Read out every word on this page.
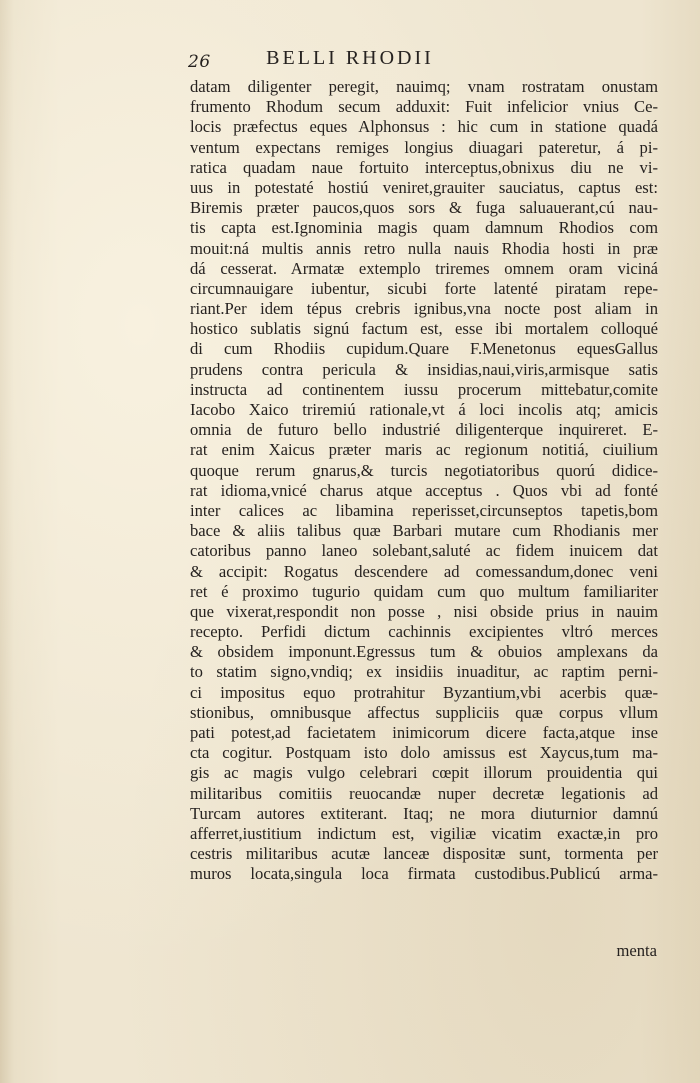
26	BELLI RHODII
datam diligenter peregit, nauimq; vnam rostratam onustam
frumento Rhodum secum adduxit: Fuit infelicior vnius Ce-
locis præfectus eques Alphonsus : hic cum in statione quadá
ventum expectans remiges longius diuagari pateretur, á pi-
ratica quadam naue fortuito interceptus,obnixus diu ne vi-
uus in potestaté hostiú veniret,grauiter sauciatus, captus est:
Biremis præter paucos,quos sors & fuga saluauerant,cú nau-
tis capta est.Ignominia magis quam damnum Rhodios com
mouit:ná multis annis retro nulla nauis Rhodia hosti in præ
dá cesserat. Armatæ extemplo triremes omnem oram viciná
circumnauigare iubentur, sicubi forte latenté piratam repe-
riant.Per idem tépus crebris ignibus,vna nocte post aliam in
hostico sublatis signú factum est, esse ibi mortalem colloqué
di cum Rhodiis cupidum.Quare F.Menetonus equesGallus
prudens contra pericula & insidias,naui,viris,armisque satis
instructa ad continentem iussu procerum mittebatur,comite
Iacobo Xaico triremiú rationale,vt á loci incolis atq; amicis
omnia de futuro bello industrié diligenterque inquireret. E-
rat enim Xaicus præter maris ac regionum notitiá, ciuilium
quoque rerum gnarus,& turcis negotiatoribus quorú didice-
rat idioma,vnicé charus atque acceptus . Quos vbi ad fonté
inter calices ac libamina reperisset,circunseptos tapetis,bom
bace & aliis talibus quæ Barbari mutare cum Rhodianis mer
catoribus panno laneo solebant,saluté ac fidem inuicem dat
& accipit: Rogatus descendere ad comessandum,donec veni
ret é proximo tugurio quidam cum quo multum familiariter
que vixerat,respondit non posse , nisi obside prius in nauim
recepto. Perfidi dictum cachinnis excipientes vltró merces
& obsidem imponunt.Egressus tum & obuios amplexans da
to statim signo,vndiq; ex insidiis inuaditur, ac raptim perni-
ci impositus equo protrahitur Byzantium,vbi acerbis quæ-
stionibus, omnibusque affectus suppliciis quæ corpus vllum
pati potest,ad facietatem inimicorum dicere facta,atque inse
cta cogitur. Postquam isto dolo amissus est Xaycus,tum ma-
gis ac magis vulgo celebrari cœpit illorum prouidentia qui
militaribus comitiis reuocandæ nuper decretæ legationis ad
Turcam autores extiterant. Itaq; ne mora diuturnior damnú
afferret,iustitium indictum est, vigiliæ vicatim exactæ,in pro
cestris militaribus acutæ lanceæ dispositæ sunt, tormenta per
muros locata,singula loca firmata custodibus.Publicú arma-
menta
